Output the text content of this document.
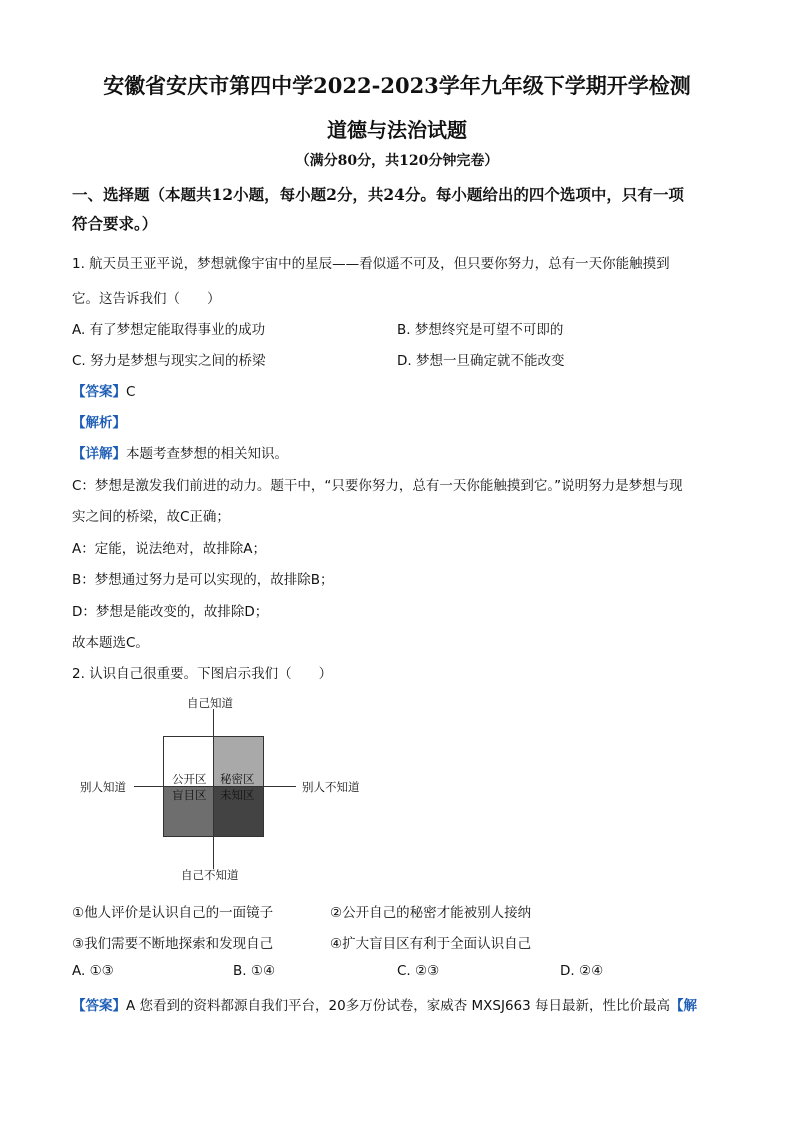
安徽省安庆市第四中学2022-2023学年九年级下学期开学检测
道德与法治试题
（满分80分，共120分钟完卷）
一、选择题（本题共12小题，每小题2分，共24分。每小题给出的四个选项中，只有一项
符合要求。）
1. 航天员王亚平说，梦想就像宇宙中的星辰——看似遥不可及，但只要你努力，总有一天你能触摸到
它。这告诉我们（　　）
A. 有了梦想定能取得事业的成功	B. 梦想终究是可望不可即的
C. 努力是梦想与现实之间的桥梁	D. 梦想一旦确定就不能改变
【答案】C
【解析】
【详解】本题考查梦想的相关知识。
C：梦想是激发我们前进的动力。题干中，“只要你努力，总有一天你能触摸到它。”说明努力是梦想与现
实之间的桥梁，故C正确；
A：定能，说法绝对，故排除A；
B：梦想通过努力是可以实现的，故排除B；
D：梦想是能改变的，故排除D；
故本题选C。
2. 认识自己很重要。下图启示我们（　　）
公开区 秘密区
盲目区 未知区
自己知道
自己不知道
别人知道	别人不知道
①他人评价是认识自己的一面镜子	②公开自己的秘密才能被别人接纳
③我们需要不断地探索和发现自己	④扩大盲目区有利于全面认识自己
A. ①③	B. ①④	C. ②③	D. ②④
【答案】A 您看到的资料都源自我们平台，20多万份试卷，家威杏 MXSJ663 每日最新，性比价最高【解
